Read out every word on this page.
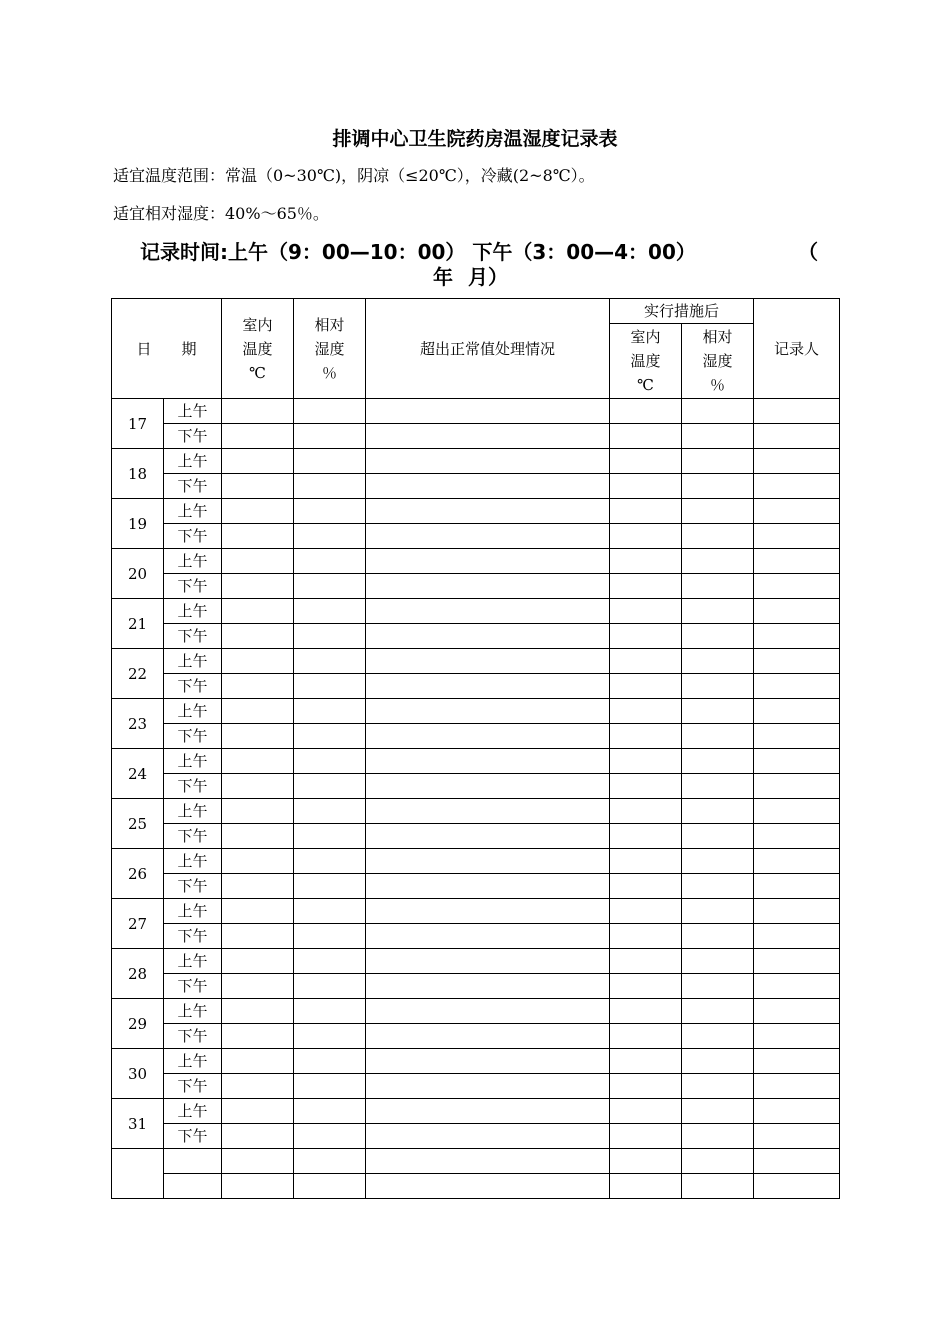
排调中心卫生院药房温湿度记录表
适宜温度范围：常温（0~30℃)，阴凉（≤20℃），冷藏(2~8℃）。
适宜相对湿度：40%～65％。
记录时间:上午（9：00—10：00） 下午（3：00—4：00）	（
年 月）
日　　期		室内
温度
℃	相对
湿度
％	超出正常值处理情况	实行措施后		记录人

					室内
温度
℃	相对
湿度
％	

17	上午						
	下午						
18	上午						
	下午						
19	上午						
	下午						
20	上午						
	下午						
21	上午						
	下午						
22	上午						
	下午						
23	上午						
	下午						
24	上午						
	下午						
25	上午						
	下午						
26	上午						
	下午						
27	上午						
	下午						
28	上午						
	下午						
29	上午						
	下午						
30	上午						
	下午						
31	上午						
	下午						
